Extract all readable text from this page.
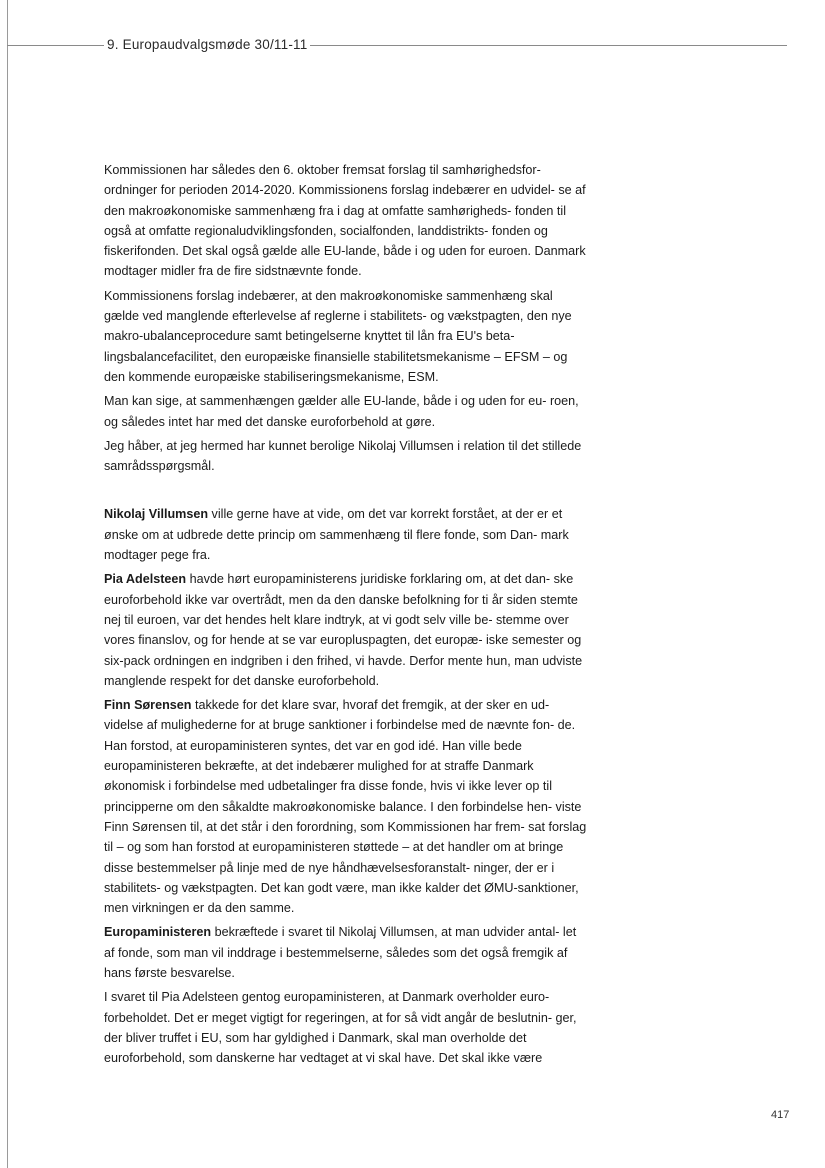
9. Europaudvalgsmøde 30/11-11

Kommissionen har således den 6. oktober fremsat forslag til samhørighedsfor- ordninger for perioden 2014-2020. Kommissionens forslag indebærer en udvidel- se af den makroøkonomiske sammenhæng fra i dag at omfatte samhørigheds- fonden til også at omfatte regionaludviklingsfonden, socialfonden, landdistrikts- fonden og fiskerifonden. Det skal også gælde alle EU-lande, både i og uden for euroen. Danmark modtager midler fra de fire sidstnævnte fonde.

Kommissionens forslag indebærer, at den makroøkonomiske sammenhæng skal gælde ved manglende efterlevelse af reglerne i stabilitets- og vækstpagten, den nye makro-ubalanceprocedure samt betingelserne knyttet til lån fra EU's beta- lingsbalancefacilitet, den europæiske finansielle stabilitetsmekanisme – EFSM – og den kommende europæiske stabiliseringsmekanisme, ESM.

Man kan sige, at sammenhængen gælder alle EU-lande, både i og uden for eu- roen, og således intet har med det danske euroforbehold at gøre.

Jeg håber, at jeg hermed har kunnet berolige Nikolaj Villumsen i relation til det stillede samrådsspørgsmål.

Nikolaj Villumsen ville gerne have at vide, om det var korrekt forstået, at der er et ønske om at udbrede dette princip om sammenhæng til flere fonde, som Dan- mark modtager pege fra.

Pia Adelsteen havde hørt europaministerens juridiske forklaring om, at det dan- ske euroforbehold ikke var overtrådt, men da den danske befolkning for ti år siden stemte nej til euroen, var det hendes helt klare indtryk, at vi godt selv ville be- stemme over vores finanslov, og for hende at se var europluspagten, det europæ- iske semester og six-pack ordningen en indgriben i den frihed, vi havde. Derfor mente hun, man udviste manglende respekt for det danske euroforbehold.

Finn Sørensen takkede for det klare svar, hvoraf det fremgik, at der sker en ud- videlse af mulighederne for at bruge sanktioner i forbindelse med de nævnte fon- de. Han forstod, at europaministeren syntes, det var en god idé. Han ville bede europaministeren bekræfte, at det indebærer mulighed for at straffe Danmark økonomisk i forbindelse med udbetalinger fra disse fonde, hvis vi ikke lever op til principperne om den såkaldte makroøkonomiske balance. I den forbindelse hen- viste Finn Sørensen til, at det står i den forordning, som Kommissionen har frem- sat forslag til – og som han forstod at europaministeren støttede – at det handler om at bringe disse bestemmelser på linje med de nye håndhævelsesforanstalt- ninger, der er i stabilitets- og vækstpagten. Det kan godt være, man ikke kalder det ØMU-sanktioner, men virkningen er da den samme.

Europaministeren bekræftede i svaret til Nikolaj Villumsen, at man udvider antal- let af fonde, som man vil inddrage i bestemmelserne, således som det også fremgik af hans første besvarelse.

I svaret til Pia Adelsteen gentog europaministeren, at Danmark overholder euro- forbeholdet. Det er meget vigtigt for regeringen, at for så vidt angår de beslutnin- ger, der bliver truffet i EU, som har gyldighed i Danmark, skal man overholde det euroforbehold, som danskerne har vedtaget at vi skal have. Det skal ikke være

417
